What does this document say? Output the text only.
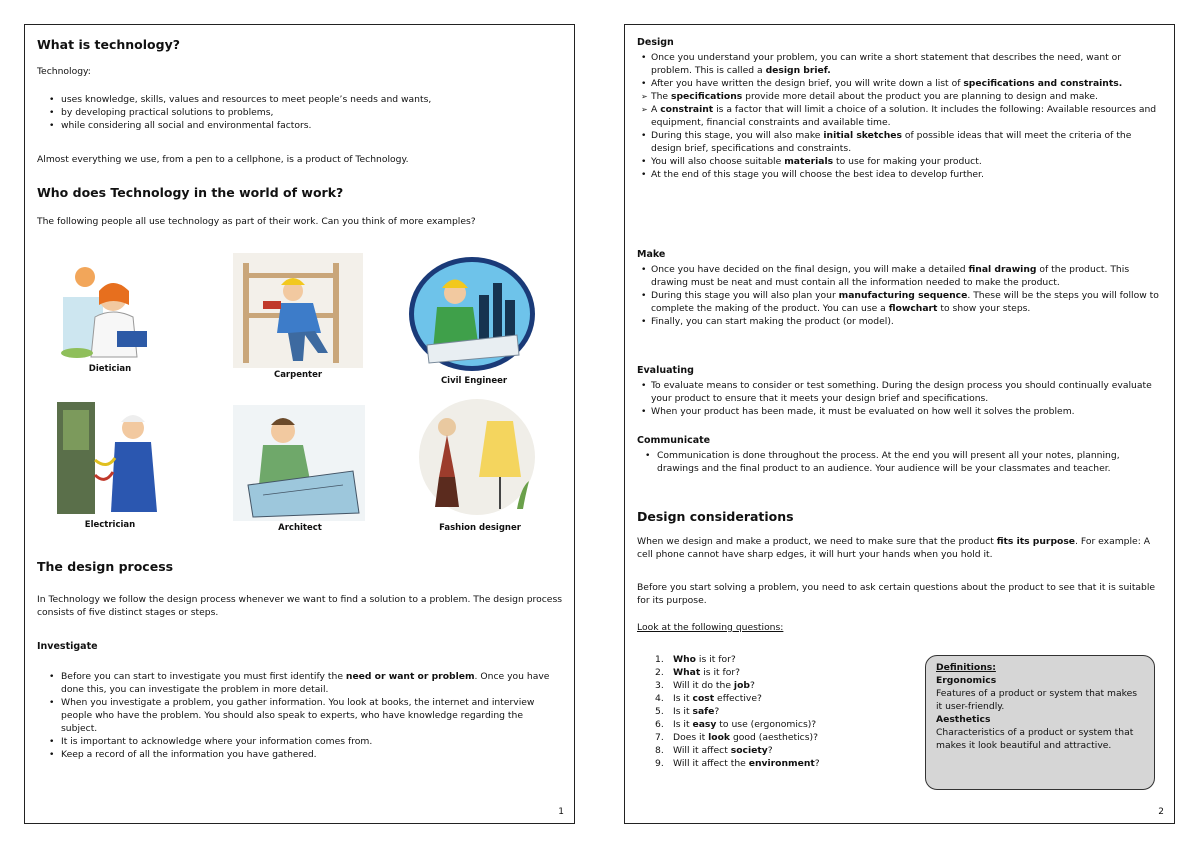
What is technology?
Technology:
• uses knowledge, skills, values and resources to meet people’s needs and wants,
• by developing practical solutions to problems,
• while considering all social and environmental factors.
Almost everything we use, from a pen to a cellphone, is a product of Technology.
Who does Technology in the world of work?
The following people all use technology as part of their work. Can you think of more examples?
Dietician
Carpenter
Civil Engineer
Electrician	Architect	Fashion designer
The design process
In Technology we follow the design process whenever we want to find a solution to a problem. The design process consists of five distinct stages or steps.
Investigate
• Before you can start to investigate you must first identify the need or want or problem. Once you have done this, you can investigate the problem in more detail.
• When you investigate a problem, you gather information. You look at books, the internet and interview people who have the problem. You should also speak to experts, who have knowledge regarding the subject.
• It is important to acknowledge where your information comes from.
• Keep a record of all the information you have gathered.
1
Design
• Once you understand your problem, you can write a short statement that describes the need, want or problem. This is called a design brief.
• After you have written the design brief, you will write down a list of specifications and constraints.
➢ The specifications provide more detail about the product you are planning to design and make.
➢ A constraint is a factor that will limit a choice of a solution. It includes the following: Available resources and equipment, financial constraints and available time.
• During this stage, you will also make initial sketches of possible ideas that will meet the criteria of the design brief, specifications and constraints.
• You will also choose suitable materials to use for making your product.
• At the end of this stage you will choose the best idea to develop further.
Make
• Once you have decided on the final design, you will make a detailed final drawing of the product. This drawing must be neat and must contain all the information needed to make the product.
• During this stage you will also plan your manufacturing sequence. These will be the steps you will follow to complete the making of the product. You can use a flowchart to show your steps.
• Finally, you can start making the product (or model).
Evaluating
• To evaluate means to consider or test something. During the design process you should continually evaluate your product to ensure that it meets your design brief and specifications.
• When your product has been made, it must be evaluated on how well it solves the problem.
Communicate
• Communication is done throughout the process. At the end you will present all your notes, planning, drawings and the final product to an audience. Your audience will be your classmates and teacher.
Design considerations
When we design and make a product, we need to make sure that the product fits its purpose. For example: A cell phone cannot have sharp edges, it will hurt your hands when you hold it.
Before you start solving a problem, you need to ask certain questions about the product to see that it is suitable for its purpose.
Look at the following questions:
1. Who is it for?
2. What is it for?
3. Will it do the job?
4. Is it cost effective?
5. Is it safe?
6. Is it easy to use (ergonomics)?
7. Does it look good (aesthetics)?
8. Will it affect society?
9. Will it affect the environment?
Definitions:
Ergonomics
Features of a product or system that makes it user-friendly.
Aesthetics
Characteristics of a product or system that makes it look beautiful and attractive.
2
